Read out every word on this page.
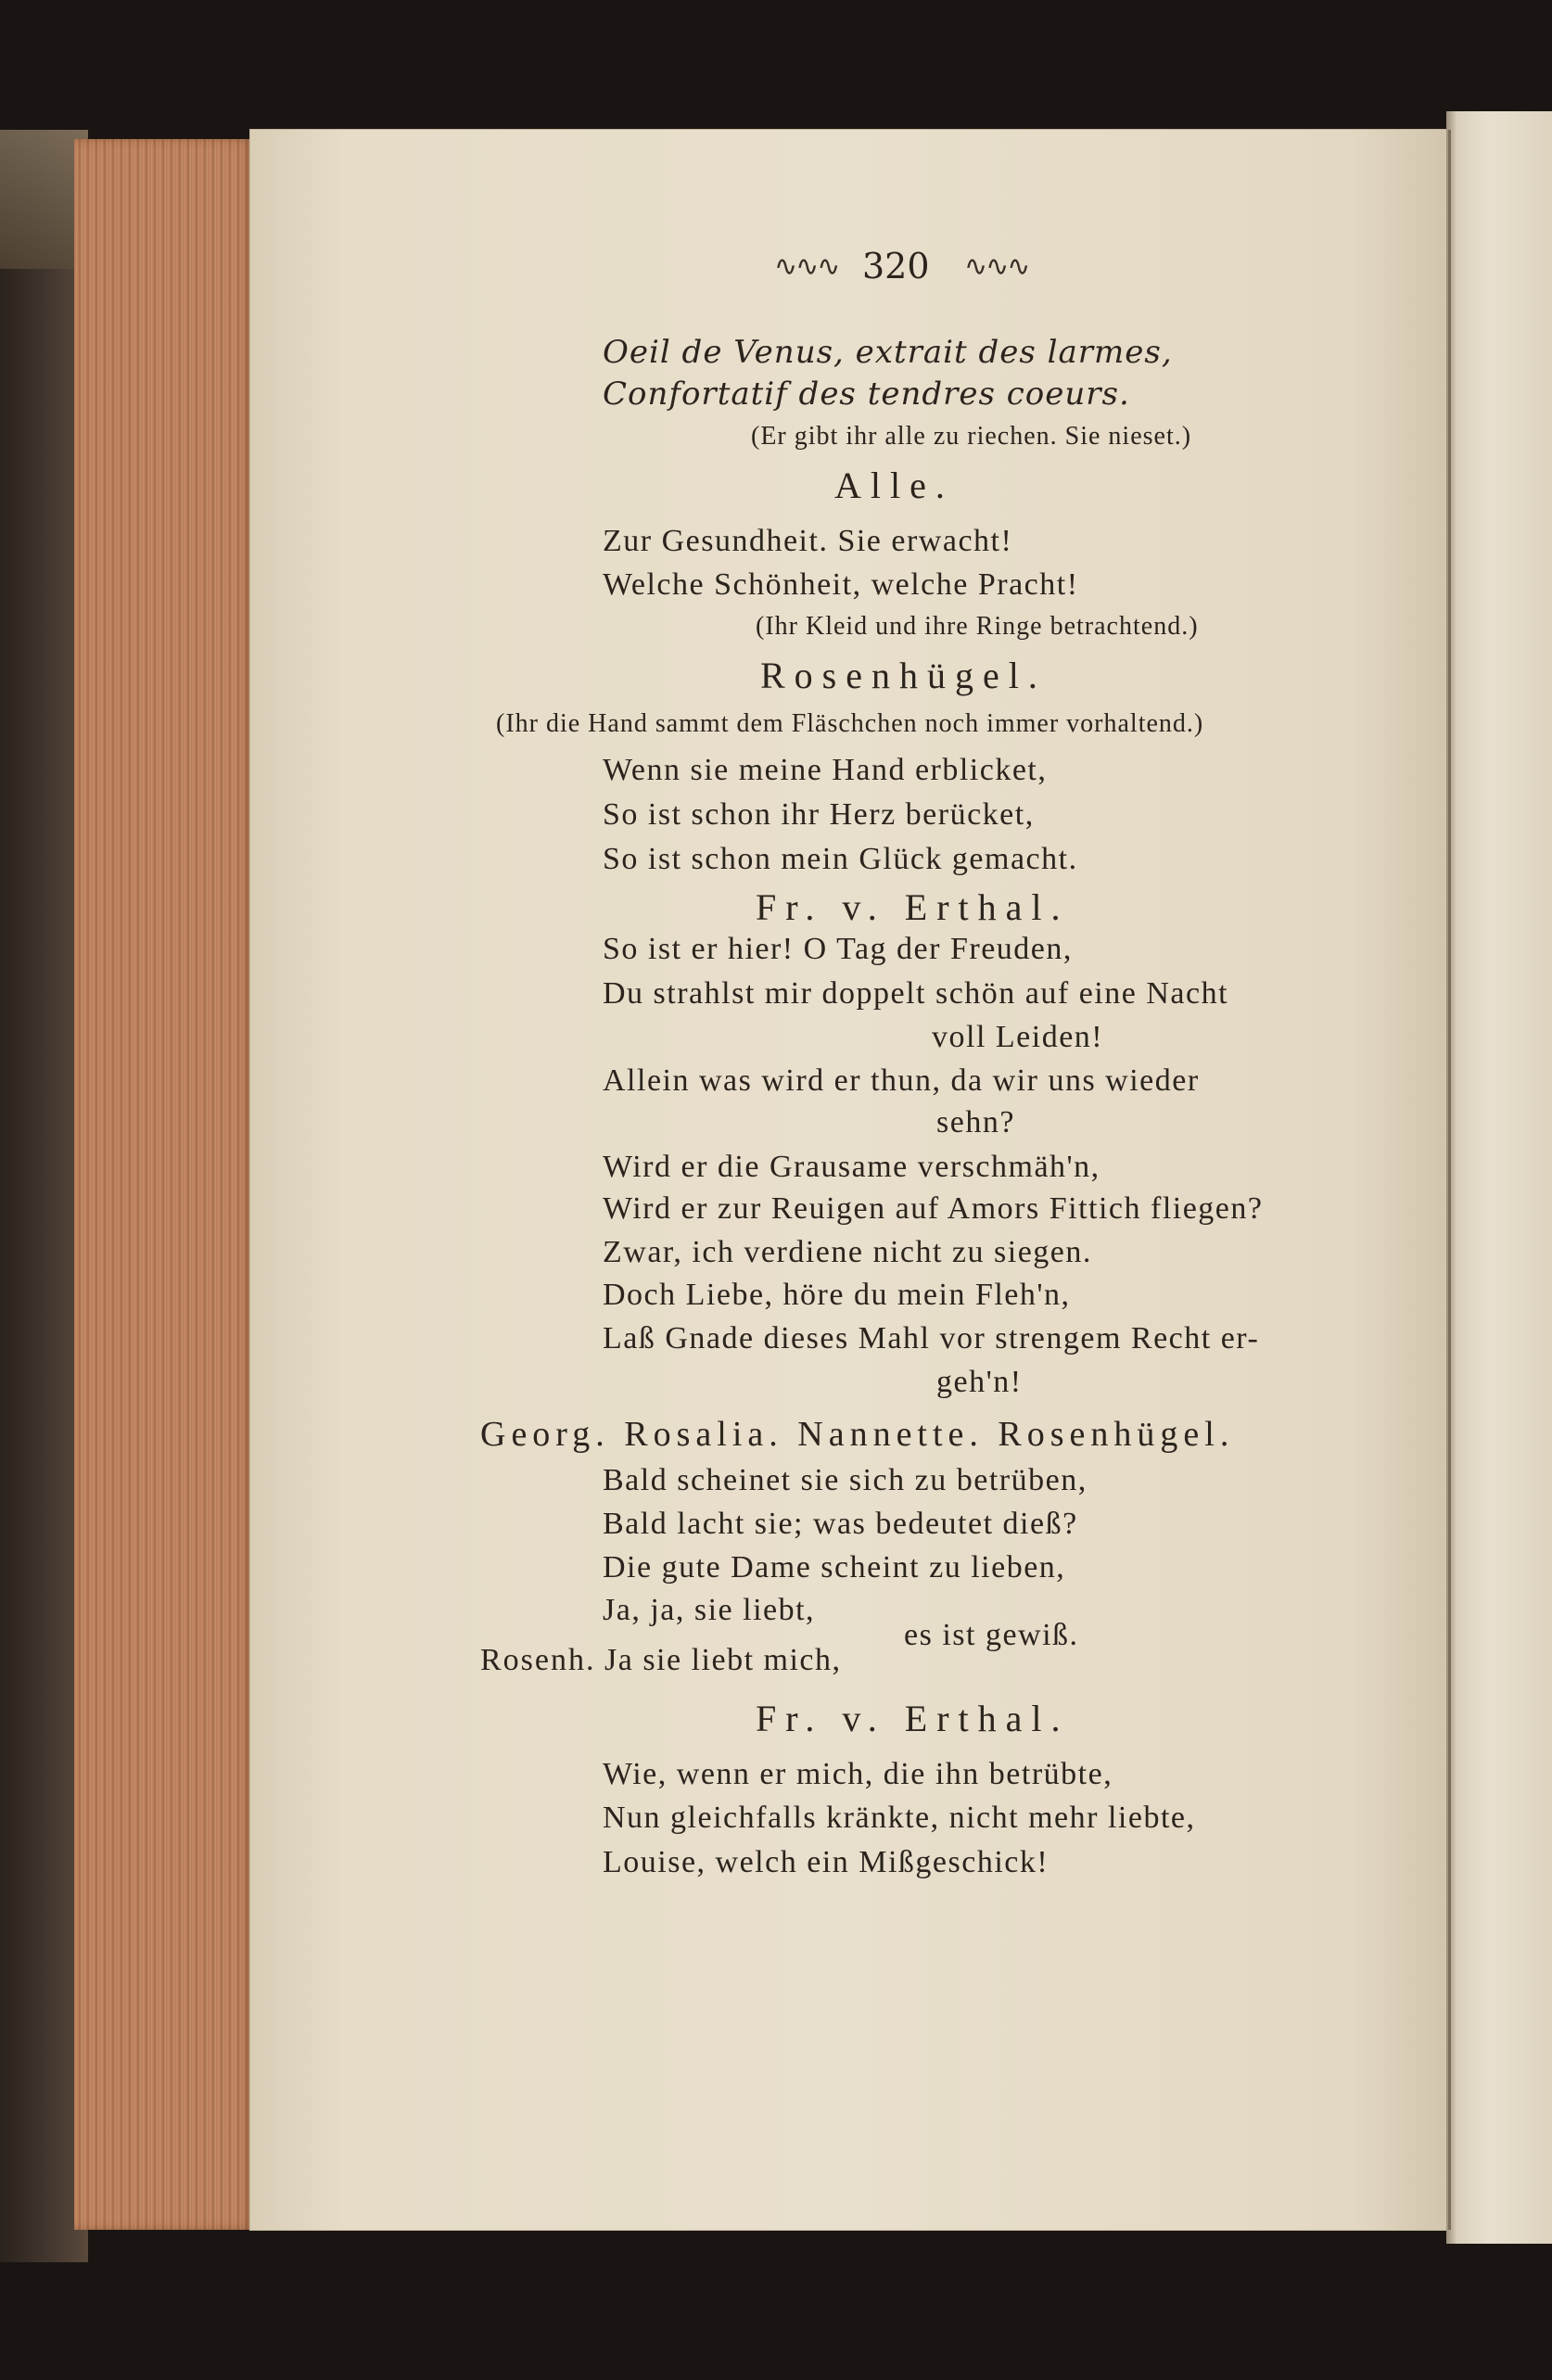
∿∿∿ 320 ∿∿∿
Oeil de Venus, extrait des larmes,
Confortatif des tendres coeurs.
(Er gibt ihr alle zu riechen. Sie nieset.)
Alle.
Zur Gesundheit. Sie erwacht!
Welche Schönheit, welche Pracht!
(Ihr Kleid und ihre Ringe betrachtend.)
Rosenhügel.
(Ihr die Hand sammt dem Fläschchen noch immer vorhaltend.)
Wenn sie meine Hand erblicket,
So ist schon ihr Herz berücket,
So ist schon mein Glück gemacht.
Fr. v. Erthal.
So ist er hier! O Tag der Freuden,
Du strahlst mir doppelt schön auf eine Nacht
voll Leiden!
Allein was wird er thun, da wir uns wieder
sehn?
Wird er die Grausame verschmäh'n,
Wird er zur Reuigen auf Amors Fittich fliegen?
Zwar, ich verdiene nicht zu siegen.
Doch Liebe, höre du mein Fleh'n,
Laß Gnade dieses Mahl vor strengem Recht er-
geh'n!
Georg. Rosalia. Nannette. Rosenhügel.
Bald scheinet sie sich zu betrüben,
Bald lacht sie; was bedeutet dieß?
Die gute Dame scheint zu lieben,
Ja, ja, sie liebt,
Rosenh. Ja sie liebt mich,
es ist gewiß.
Fr. v. Erthal.
Wie, wenn er mich, die ihn betrübte,
Nun gleichfalls kränkte, nicht mehr liebte,
Louise, welch ein Mißgeschick!
